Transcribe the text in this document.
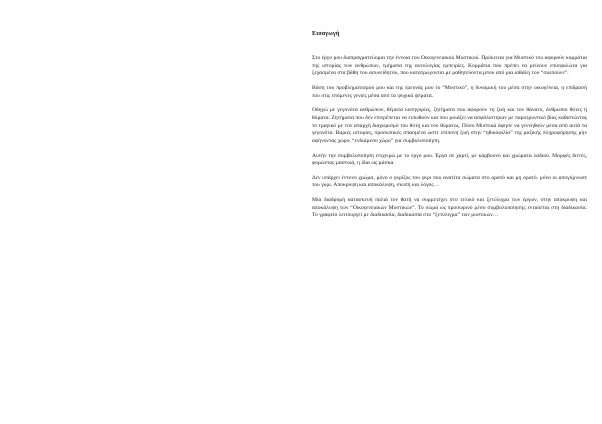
Εισαγωγή

Στο έργο μου διαπραγματεύομαι την έννοια του Οικογενειακού Μυστικού. Πρόκειται για Μυστικό του αφορούν κομμάτια της ιστορίας των ανθρώπων, τμήματα της αυτολογίας εμπειρίες. Κομμάτια που πρέπει να μείνουν επισφαλώτα για ξεχασμένα στα βάθη του ασυνείδητου, που κατατρώγονται με μαθητεύοντα μπου από μια αιθάλη του “σιωπούνε”.

Βάση του προβληματισμού μου και της έρευνάς μου το “Μυστικό”, η δυναμική του μέσα στην οικογένεια, η επίδρασή του στις επόμενες γενιές μέσα από τα ψυχικά ψέματα.

Οδηγώ με γεγονότα ανθρώπων, θέματα κατηγορίες, ζητήματα που αφορούν τη ζωή και τον θάνατο, άνθρωποι θύτες ή θύματα. Ζητήματα που δεν επιτρέπεται να ειπωθούν και που μοιάζει να ασφάλιστηκαν με παροτρυντικό βίας καθιστώντας το τραγικό με τον απαρχή διαχωρισμό του θύτη και του θύματος. Πόσο Μυστικά άφησε να γεννηθούν μέσα από αυτά τα γεγονότα. Βαριές ιστορίες, προσωπικές σπασμένα ώστε επίπονη ζωή στην “ηθικοφιλία” της μαζικής πληροφόρησης μην αφήνοντας χώρο, “ενδιάμεσο χώρο” για συμβολοποίηση.

Αυτήν την συμβολοποίηση επιχειρώ με το έργο μου. Έργα σε χαρτί, με κάρβουνο και χρώματα λαδιού. Μορφές διττές, φορώντας μαστοιά, η ίδια ως μάσκα.

Δεν υπάρχει έντονο χρώμα, μόνο ο γκρίζος του γκρι που ανατίτα σώματα στο ορατό και μη ορατό. μόνο οι απογύμνωσε του γκρι. Αποκρυψη και αποκάλυψη, σιωπή και λόγος…

Μια διαδρομή κατασκευή παλιά τον θατή να συμμετέχει στο τελικό και ξετύλιγμα των έργων, στην αποκρυψη και αποκάλυψη των “Οικογενειακών Μυστικών”. Το σώμα ως προσωρινό μέσο συμβολοποίησης ενταύεται στη διαδικασία. Το γραφείο λειτουργεί με διαδικασία, διαδικασία στο “ξετύλιγμα” των μυστικών…
